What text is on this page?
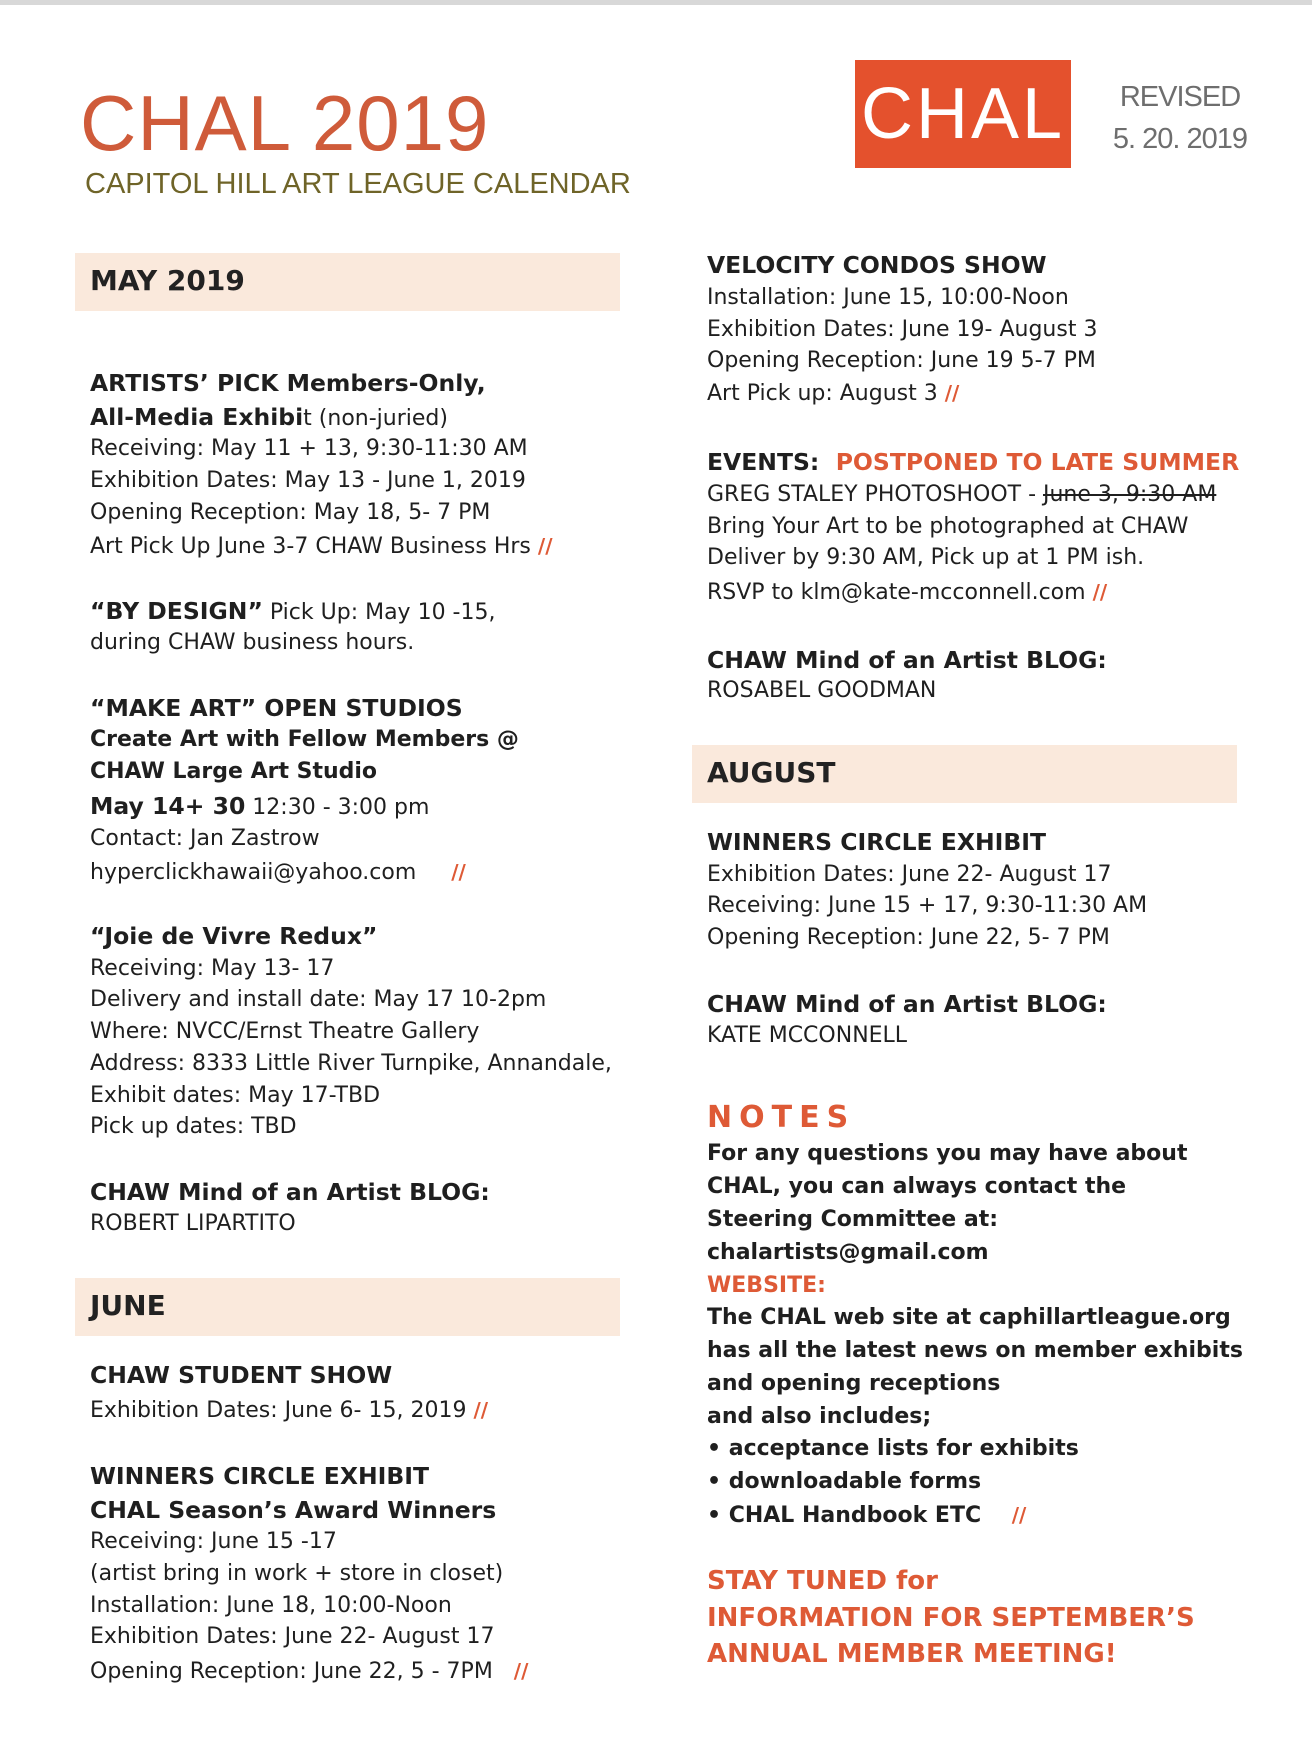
CHAL 2019
CAPITOL HILL ART LEAGUE CALENDAR
CHAL	REVISED
5. 20. 2019
MAY 2019
ARTISTS’ PICK Members-Only,
All-Media Exhibit (non-juried)
Receiving: May 11 + 13, 9:30-11:30 AM
Exhibition Dates: May 13 - June 1, 2019
Opening Reception: May 18, 5- 7 PM
Art Pick Up June 3-7 CHAW Business Hrs //
“BY DESIGN” Pick Up: May 10 -15,
during CHAW business hours.
“MAKE ART” OPEN STUDIOS
Create Art with Fellow Members @
CHAW Large Art Studio
May 14+ 30 12:30 - 3:00 pm
Contact: Jan Zastrow
hyperclickhawaii@yahoo.com //
“Joie de Vivre Redux”
Receiving: May 13- 17
Delivery and install date: May 17 10-2pm
Where: NVCC/Ernst Theatre Gallery
Address: 8333 Little River Turnpike, Annandale,
Exhibit dates: May 17-TBD
Pick up dates: TBD
CHAW Mind of an Artist BLOG:
ROBERT LIPARTITO
JUNE
CHAW STUDENT SHOW
Exhibition Dates: June 6- 15, 2019 //
WINNERS CIRCLE EXHIBIT
CHAL Season’s Award Winners
Receiving: June 15 -17
(artist bring in work + store in closet)
Installation: June 18, 10:00-Noon
Exhibition Dates: June 22- August 17
Opening Reception: June 22, 5 - 7PM //
VELOCITY CONDOS SHOW
Installation: June 15, 10:00-Noon
Exhibition Dates: June 19- August 3
Opening Reception: June 19 5-7 PM
Art Pick up: August 3 //
EVENTS: POSTPONED TO LATE SUMMER
GREG STALEY PHOTOSHOOT - June 3, 9:30 AM
Bring Your Art to be photographed at CHAW
Deliver by 9:30 AM, Pick up at 1 PM ish.
RSVP to klm@kate-mcconnell.com //
CHAW Mind of an Artist BLOG:
ROSABEL GOODMAN
AUGUST
WINNERS CIRCLE EXHIBIT
Exhibition Dates: June 22- August 17
Receiving: June 15 + 17, 9:30-11:30 AM
Opening Reception: June 22, 5- 7 PM
CHAW Mind of an Artist BLOG:
KATE MCCONNELL
NOTES
For any questions you may have about
CHAL, you can always contact the
Steering Committee at:
chalartists@gmail.com
WEBSITE:
The CHAL web site at caphillartleague.org
has all the latest news on member exhibits
and opening receptions
and also includes;
• acceptance lists for exhibits
• downloadable forms
• CHAL Handbook ETC //
STAY TUNED for
INFORMATION FOR SEPTEMBER’S
ANNUAL MEMBER MEETING!
